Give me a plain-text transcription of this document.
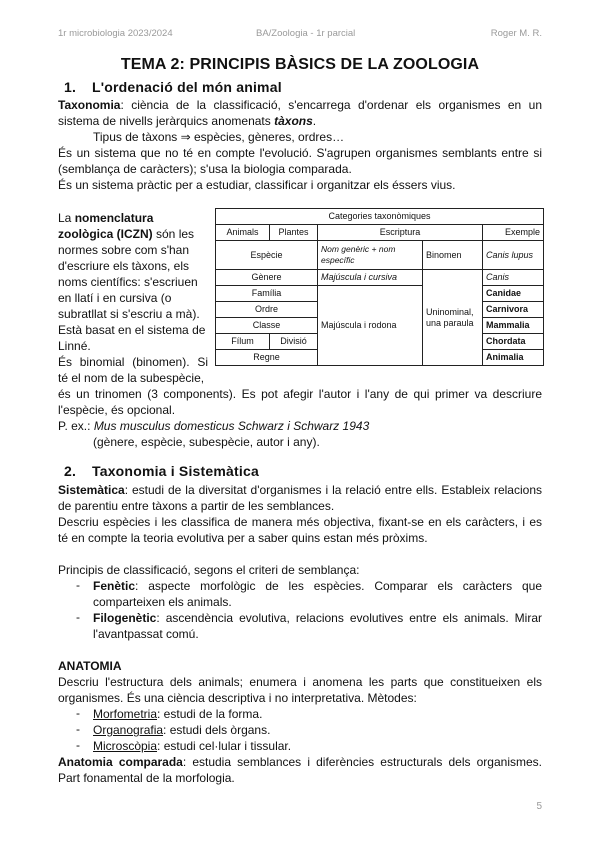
1r microbiologia 2023/2024	BA/Zoologia - 1r parcial	Roger M. R.
TEMA 2: PRINCIPIS BÀSICS DE LA ZOOLOGIA
1. L'ordenació del món animal
Taxonomia: ciència de la classificació, s'encarrega d'ordenar els organismes en un
sistema de nivells jeràrquics anomenats tàxons.
Tipus de tàxons ⇒ espècies, gèneres, ordres…
És un sistema que no té en compte l'evolució. S'agrupen organismes semblants entre si
(semblança de caràcters); s'usa la biologia comparada.
És un sistema pràctic per a estudiar, classificar i organitzar els éssers vius.
La nomenclatura
zoològica (ICZN) són les
normes sobre com s'han
d'escriure els tàxons, els
noms científics: s'escriuen
en llatí i en cursiva (o
subratllat si s'escriu a mà).
Està basat en el sistema de
Linné.
És binomial (binomen). Si
té el nom de la subespècie,
és un trinomen (3 components). Es pot afegir l'autor i l'any de qui primer va descriure
l'espècie, és opcional.
P. ex.: Mus musculus domesticus Schwarz i Schwarz 1943
(gènere, espècie, subespècie, autor i any).
Categories taxonòmiques				
Animals	Plantes	Escriptura		Exemple
Espècie		Nom genèric + nom específic	Binomen	Canis lupus
Gènere		Majúscula i cursiva	Uninominal, una paraula	Canis
Família		Majúscula i rodona		Canidae
Ordre				Carnivora
Classe				Mammalia
Fílum	Divisió			Chordata
Regne				Animalia
2. Taxonomia i Sistemàtica
Sistemàtica: estudi de la diversitat d'organismes i la relació entre ells. Estableix relacions
de parentiu entre tàxons a partir de les semblances.
Descriu espècies i les classifica de manera més objectiva, fixant-se en els caràcters, i es
té en compte la teoria evolutiva per a saber quins estan més pròxims.
Principis de classificació, segons el criteri de semblança:
- Fenètic: aspecte morfològic de les espècies. Comparar els caràcters que
comparteixen els animals.
- Filogenètic: ascendència evolutiva, relacions evolutives entre els animals. Mirar
l'avantpassat comú.
ANATOMIA
Descriu l'estructura dels animals; enumera i anomena les parts que constitueixen els
organismes. És una ciència descriptiva i no interpretativa. Mètodes:
- Morfometria: estudi de la forma.
- Organografia: estudi dels òrgans.
- Microscòpia: estudi cel·lular i tissular.
Anatomia comparada: estudia semblances i diferències estructurals dels organismes.
Part fonamental de la morfologia.
5
